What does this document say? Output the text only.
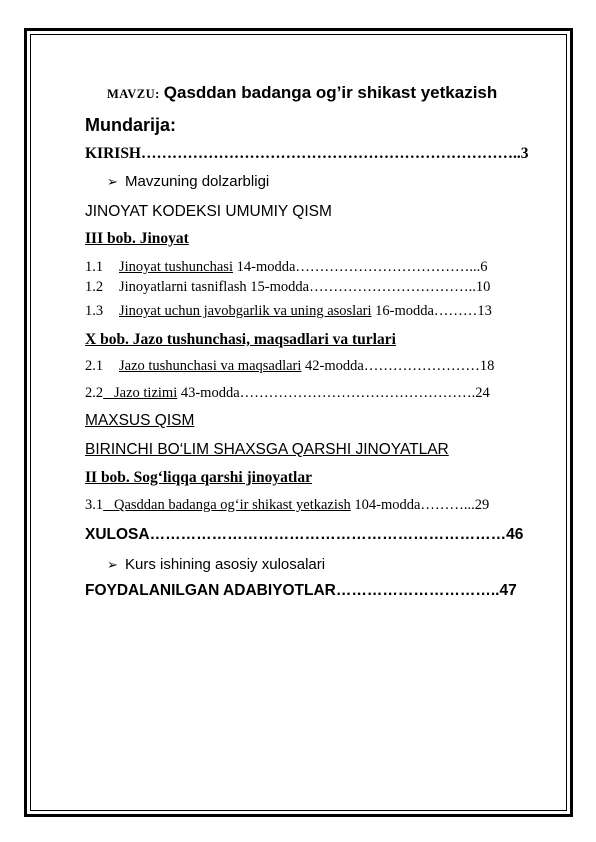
MAVZU: Qasddan badanga og’ir shikast yetkazish
Mundarija:
KIRISH………………………………………………………………..3
➢ Mavzuning dolzarbligi
JINOYAT KODEKSI UMUMIY QISM
III bob. Jinoyat
1.1 Jinoyat tushunchasi 14-modda………………………………...6
1.2 Jinoyatlarni tasniflash 15-modda……………………………..10
1.3 Jinoyat uchun javobgarlik va uning asoslari 16-modda………13
X bob. Jazo tushunchasi, maqsadlari va turlari
2.1 Jazo tushunchasi va maqsadlari 42-modda……………………18
2.2   Jazo tizimi 43-modda………………………………………….24
MAXSUS QISM
BIRINCHI BO‘LIM SHAXSGA QARSHI JINOYATLAR
II bob. Sog‘liqqa qarshi jinoyatlar
3.1   Qasddan badanga og‘ir shikast yetkazish 104-modda………...29
XULOSA……………………………………………………………46
➢ Kurs ishining asosiy xulosalari
FOYDALANILGAN ADABIYOTLAR…………………………..47
